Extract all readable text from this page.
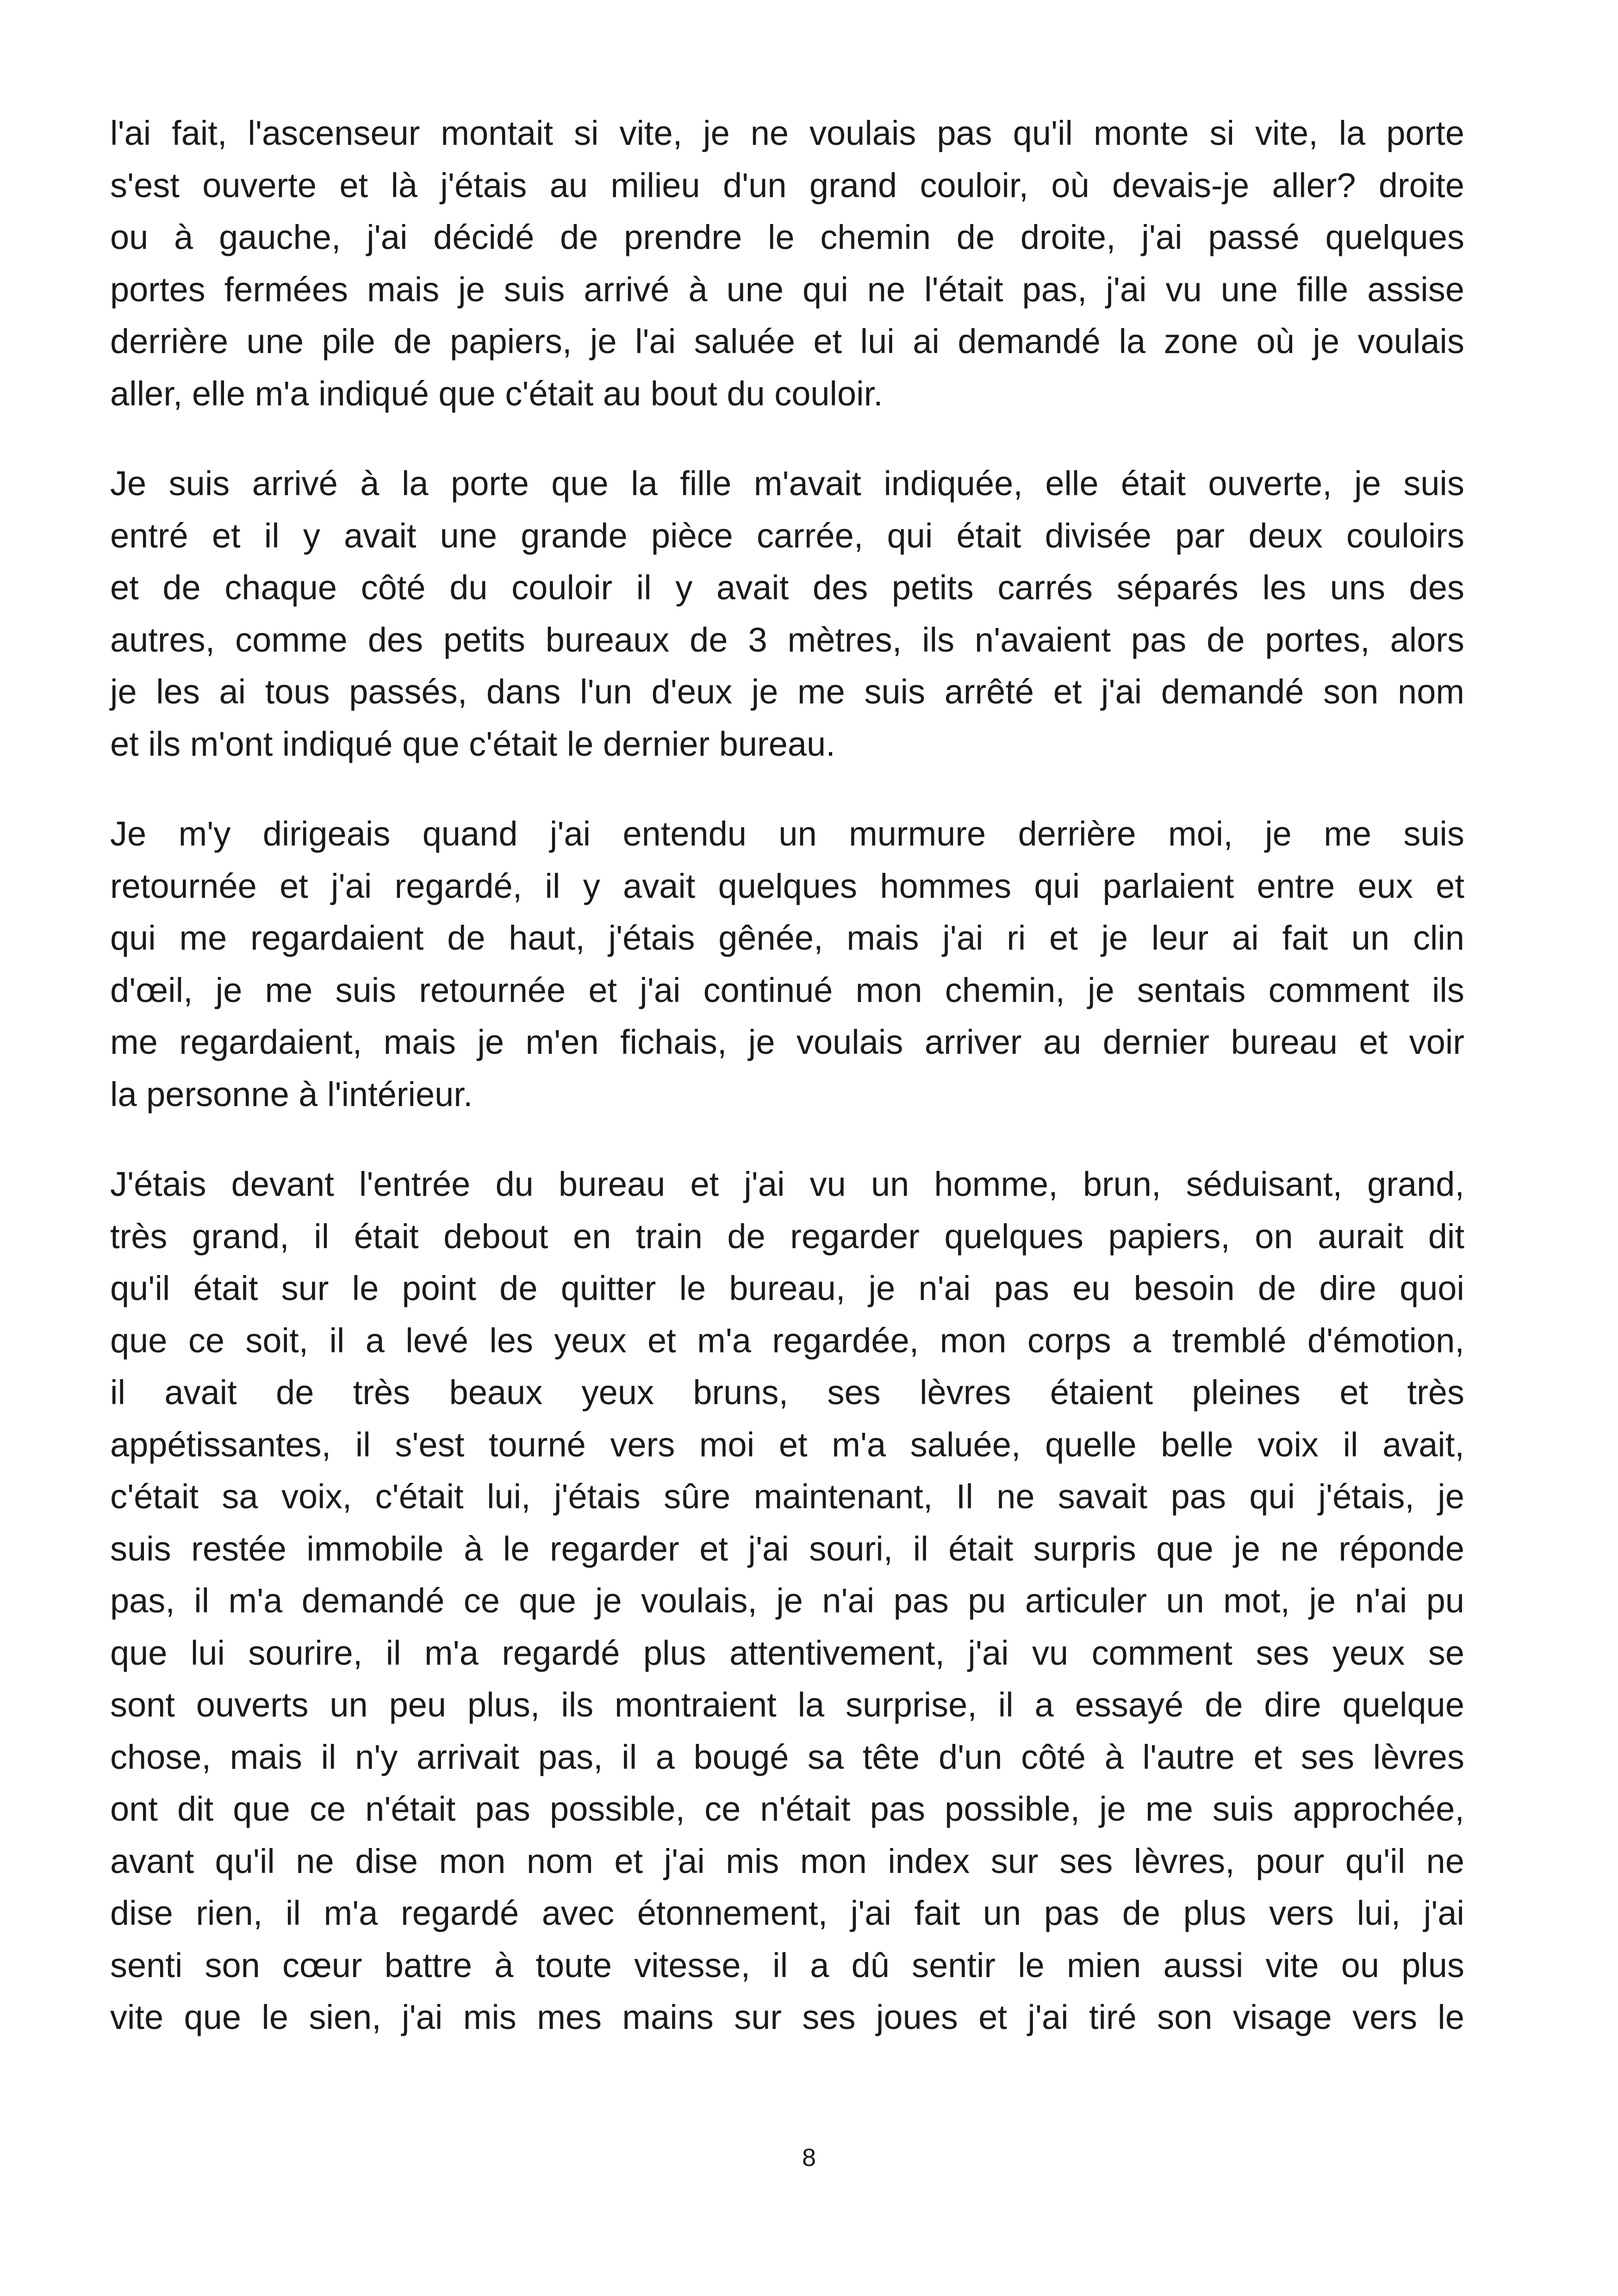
l'ai fait, l'ascenseur montait si vite, je ne voulais pas qu'il monte si vite, la porte
s'est ouverte et là j'étais au milieu d'un grand couloir, où devais-je aller? droite
ou à gauche, j'ai décidé de prendre le chemin de droite, j'ai passé quelques
portes fermées mais je suis arrivé à une qui ne l'était pas, j'ai vu une fille assise
derrière une pile de papiers, je l'ai saluée et lui ai demandé la zone où je voulais
aller, elle m'a indiqué que c'était au bout du couloir.
Je suis arrivé à la porte que la fille m'avait indiquée, elle était ouverte, je suis
entré et il y avait une grande pièce carrée, qui était divisée par deux couloirs
et de chaque côté du couloir il y avait des petits carrés séparés les uns des
autres, comme des petits bureaux de 3 mètres, ils n'avaient pas de portes, alors
je les ai tous passés, dans l'un d'eux je me suis arrêté et j'ai demandé son nom
et ils m'ont indiqué que c'était le dernier bureau.
Je m'y dirigeais quand j'ai entendu un murmure derrière moi, je me suis
retournée et j'ai regardé, il y avait quelques hommes qui parlaient entre eux et
qui me regardaient de haut, j'étais gênée, mais j'ai ri et je leur ai fait un clin
d'œil, je me suis retournée et j'ai continué mon chemin, je sentais comment ils
me regardaient, mais je m'en fichais, je voulais arriver au dernier bureau et voir
la personne à l'intérieur.
J'étais devant l'entrée du bureau et j'ai vu un homme, brun, séduisant, grand,
très grand, il était debout en train de regarder quelques papiers, on aurait dit
qu'il était sur le point de quitter le bureau, je n'ai pas eu besoin de dire quoi
que ce soit, il a levé les yeux et m'a regardée, mon corps a tremblé d'émotion,
il avait de très beaux yeux bruns, ses lèvres étaient pleines et très
appétissantes, il s'est tourné vers moi et m'a saluée, quelle belle voix il avait,
c'était sa voix, c'était lui, j'étais sûre maintenant, Il ne savait pas qui j'étais, je
suis restée immobile à le regarder et j'ai souri, il était surpris que je ne réponde
pas, il m'a demandé ce que je voulais, je n'ai pas pu articuler un mot, je n'ai pu
que lui sourire, il m'a regardé plus attentivement, j'ai vu comment ses yeux se
sont ouverts un peu plus, ils montraient la surprise, il a essayé de dire quelque
chose, mais il n'y arrivait pas, il a bougé sa tête d'un côté à l'autre et ses lèvres
ont dit que ce n'était pas possible, ce n'était pas possible, je me suis approchée,
avant qu'il ne dise mon nom et j'ai mis mon index sur ses lèvres, pour qu'il ne
dise rien, il m'a regardé avec étonnement, j'ai fait un pas de plus vers lui, j'ai
senti son cœur battre à toute vitesse, il a dû sentir le mien aussi vite ou plus
vite que le sien, j'ai mis mes mains sur ses joues et j'ai tiré son visage vers le
8
